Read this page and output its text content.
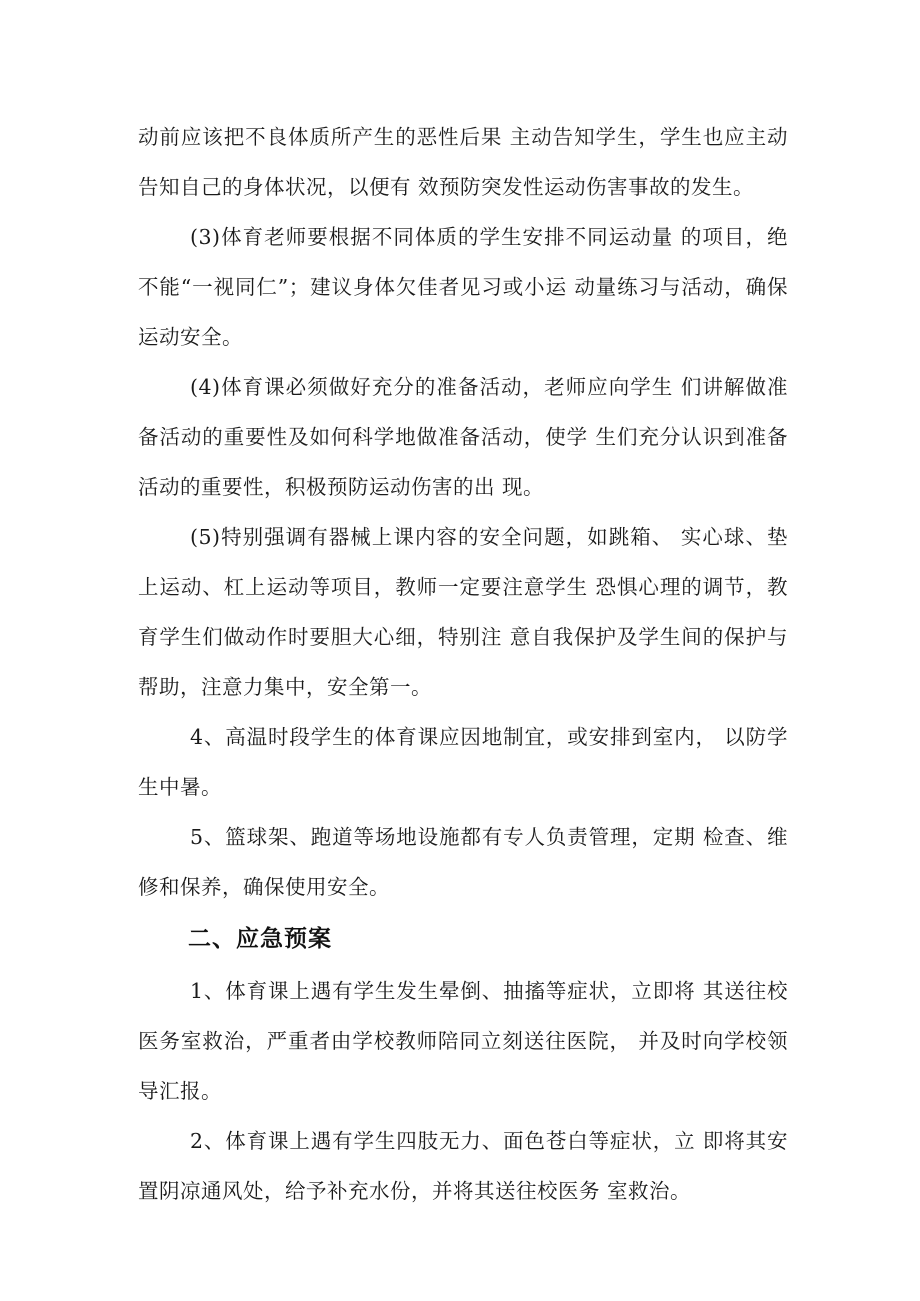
动前应该把不良体质所产生的恶性后果 主动告知学生，学生也应主动告知自己的身体状况，以便有 效预防突发性运动伤害事故的发生。

(3)体育老师要根据不同体质的学生安排不同运动量 的项目，绝不能“一视同仁”；建议身体欠佳者见习或小运 动量练习与活动，确保运动安全。

(4)体育课必须做好充分的准备活动，老师应向学生 们讲解做准备活动的重要性及如何科学地做准备活动，使学 生们充分认识到准备活动的重要性，积极预防运动伤害的出 现。

(5)特别强调有器械上课内容的安全问题，如跳箱、 实心球、垫上运动、杠上运动等项目，教师一定要注意学生 恐惧心理的调节，教育学生们做动作时要胆大心细，特别注 意自我保护及学生间的保护与帮助，注意力集中，安全第一。

4、高温时段学生的体育课应因地制宜，或安排到室内， 以防学生中暑。

5、篮球架、跑道等场地设施都有专人负责管理，定期 检查、维修和保养，确保使用安全。

二、应急预案

1、体育课上遇有学生发生晕倒、抽搐等症状，立即将 其送往校医务室救治，严重者由学校教师陪同立刻送往医院， 并及时向学校领导汇报。

2、体育课上遇有学生四肢无力、面色苍白等症状，立 即将其安置阴凉通风处，给予补充水份，并将其送往校医务 室救治。
